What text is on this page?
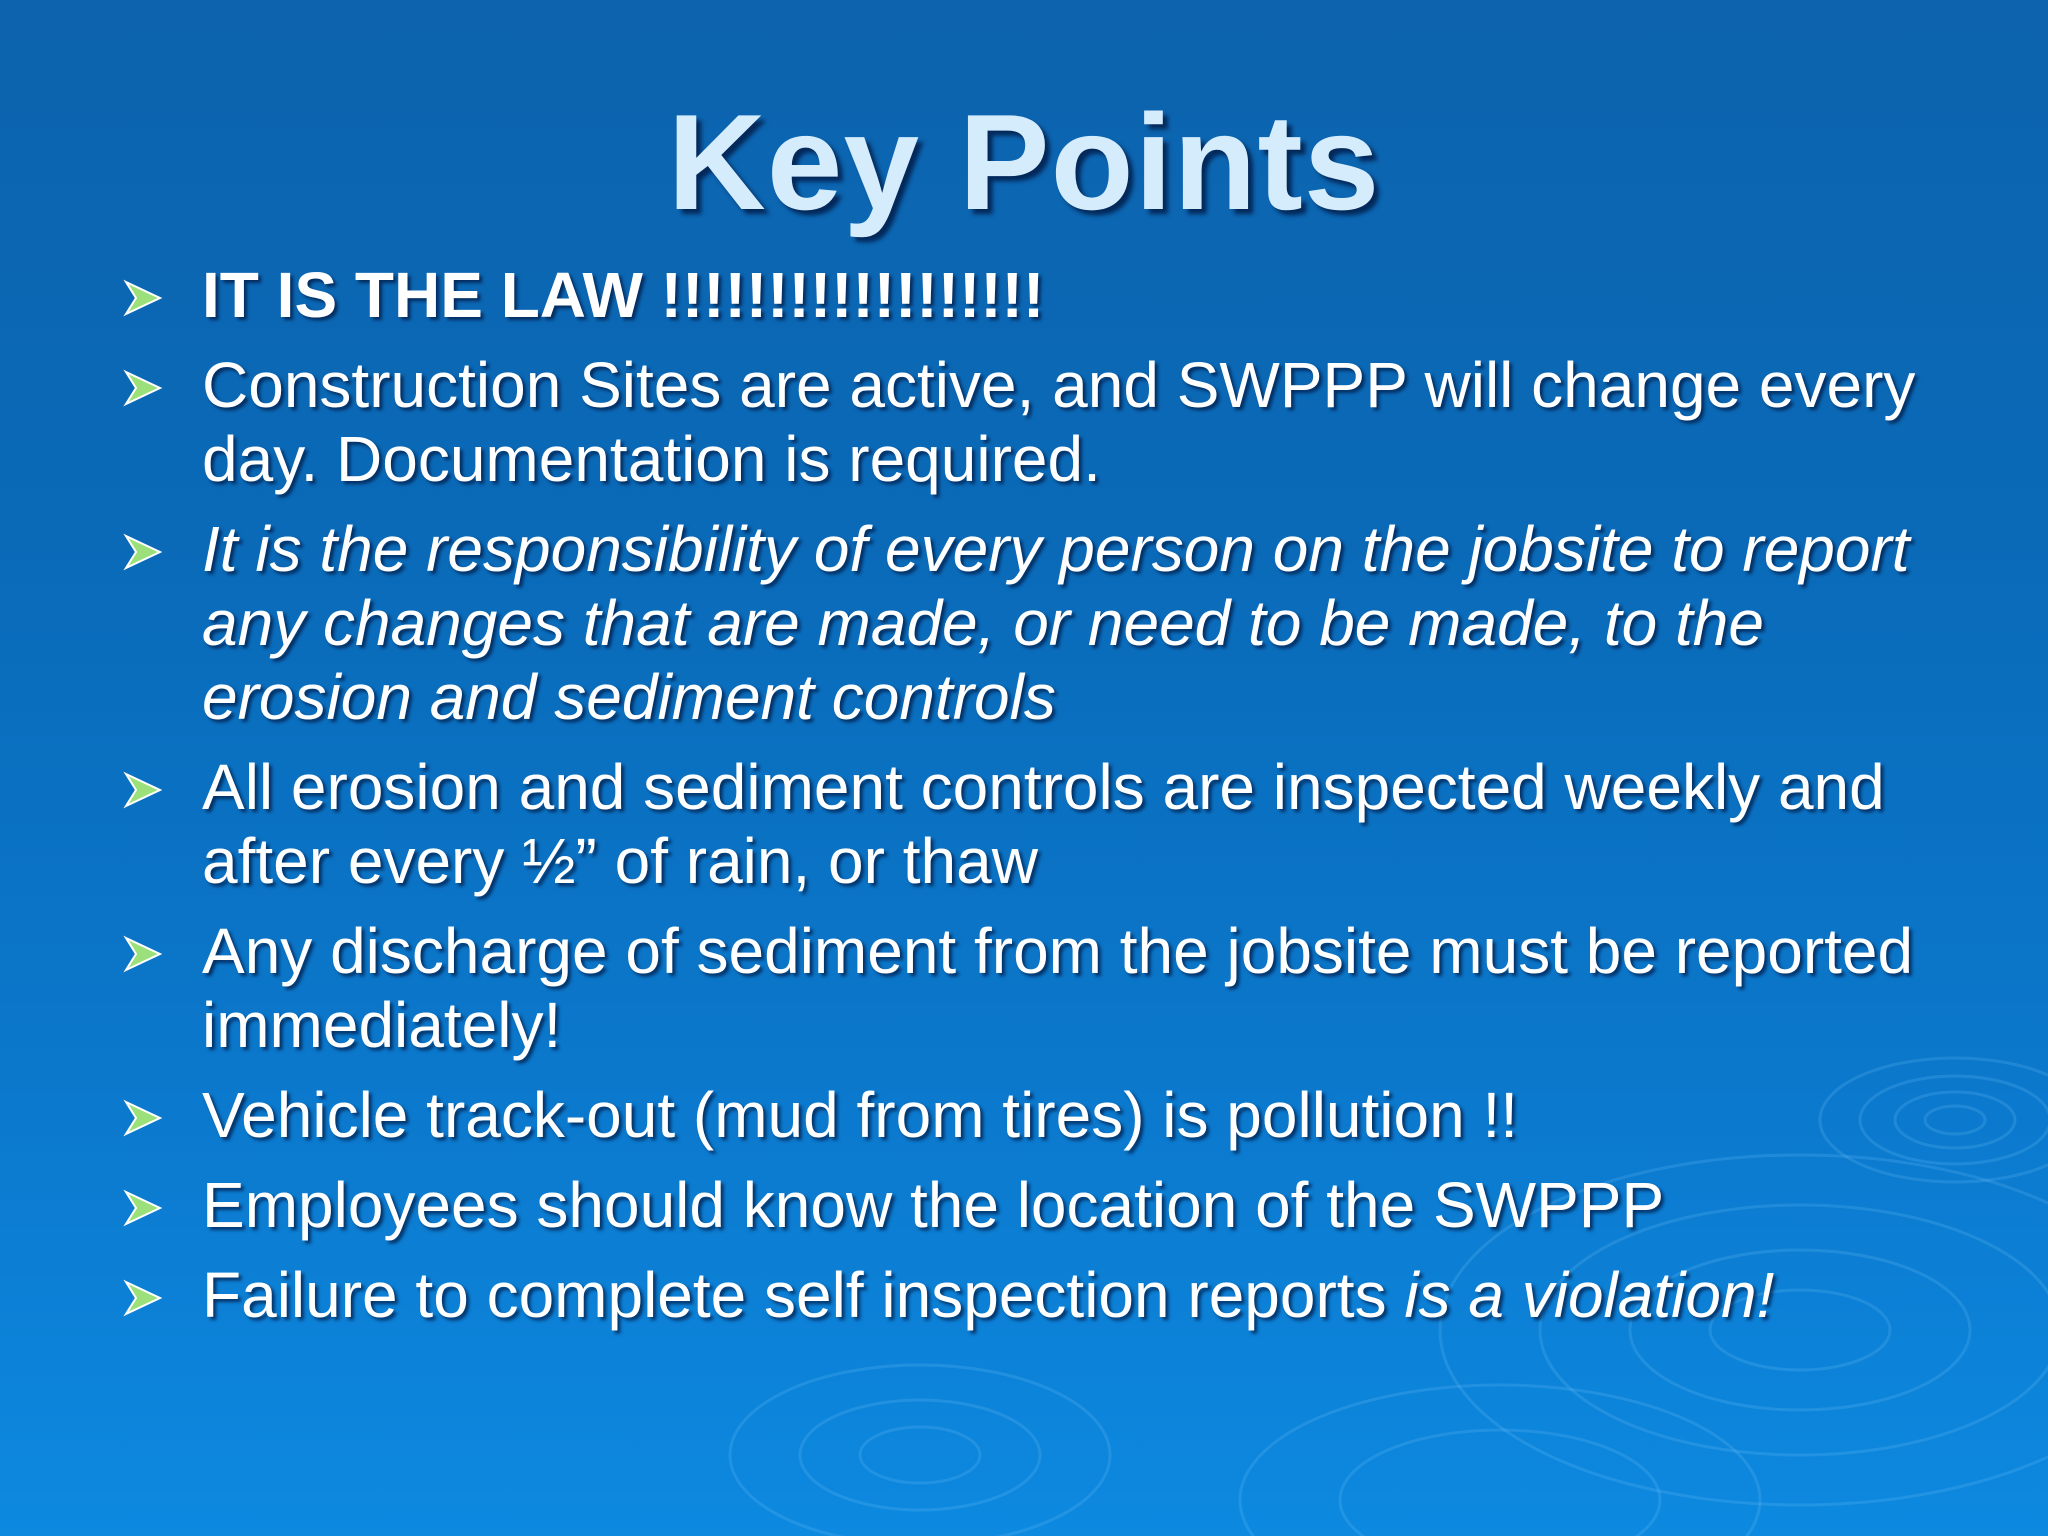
Key Points
IT IS THE LAW !!!!!!!!!!!!!!!!!!
Construction Sites are active, and SWPPP will change every day. Documentation is required.
It is the responsibility of every person on the jobsite to report any changes that are made, or need to be made, to the erosion and sediment controls
All erosion and sediment controls are inspected weekly and after every ½” of rain, or thaw
Any discharge of sediment from the jobsite must be reported immediately!
Vehicle track-out (mud from tires) is pollution !!
Employees should know the location of the SWPPP
Failure to complete self inspection reports is a violation!
